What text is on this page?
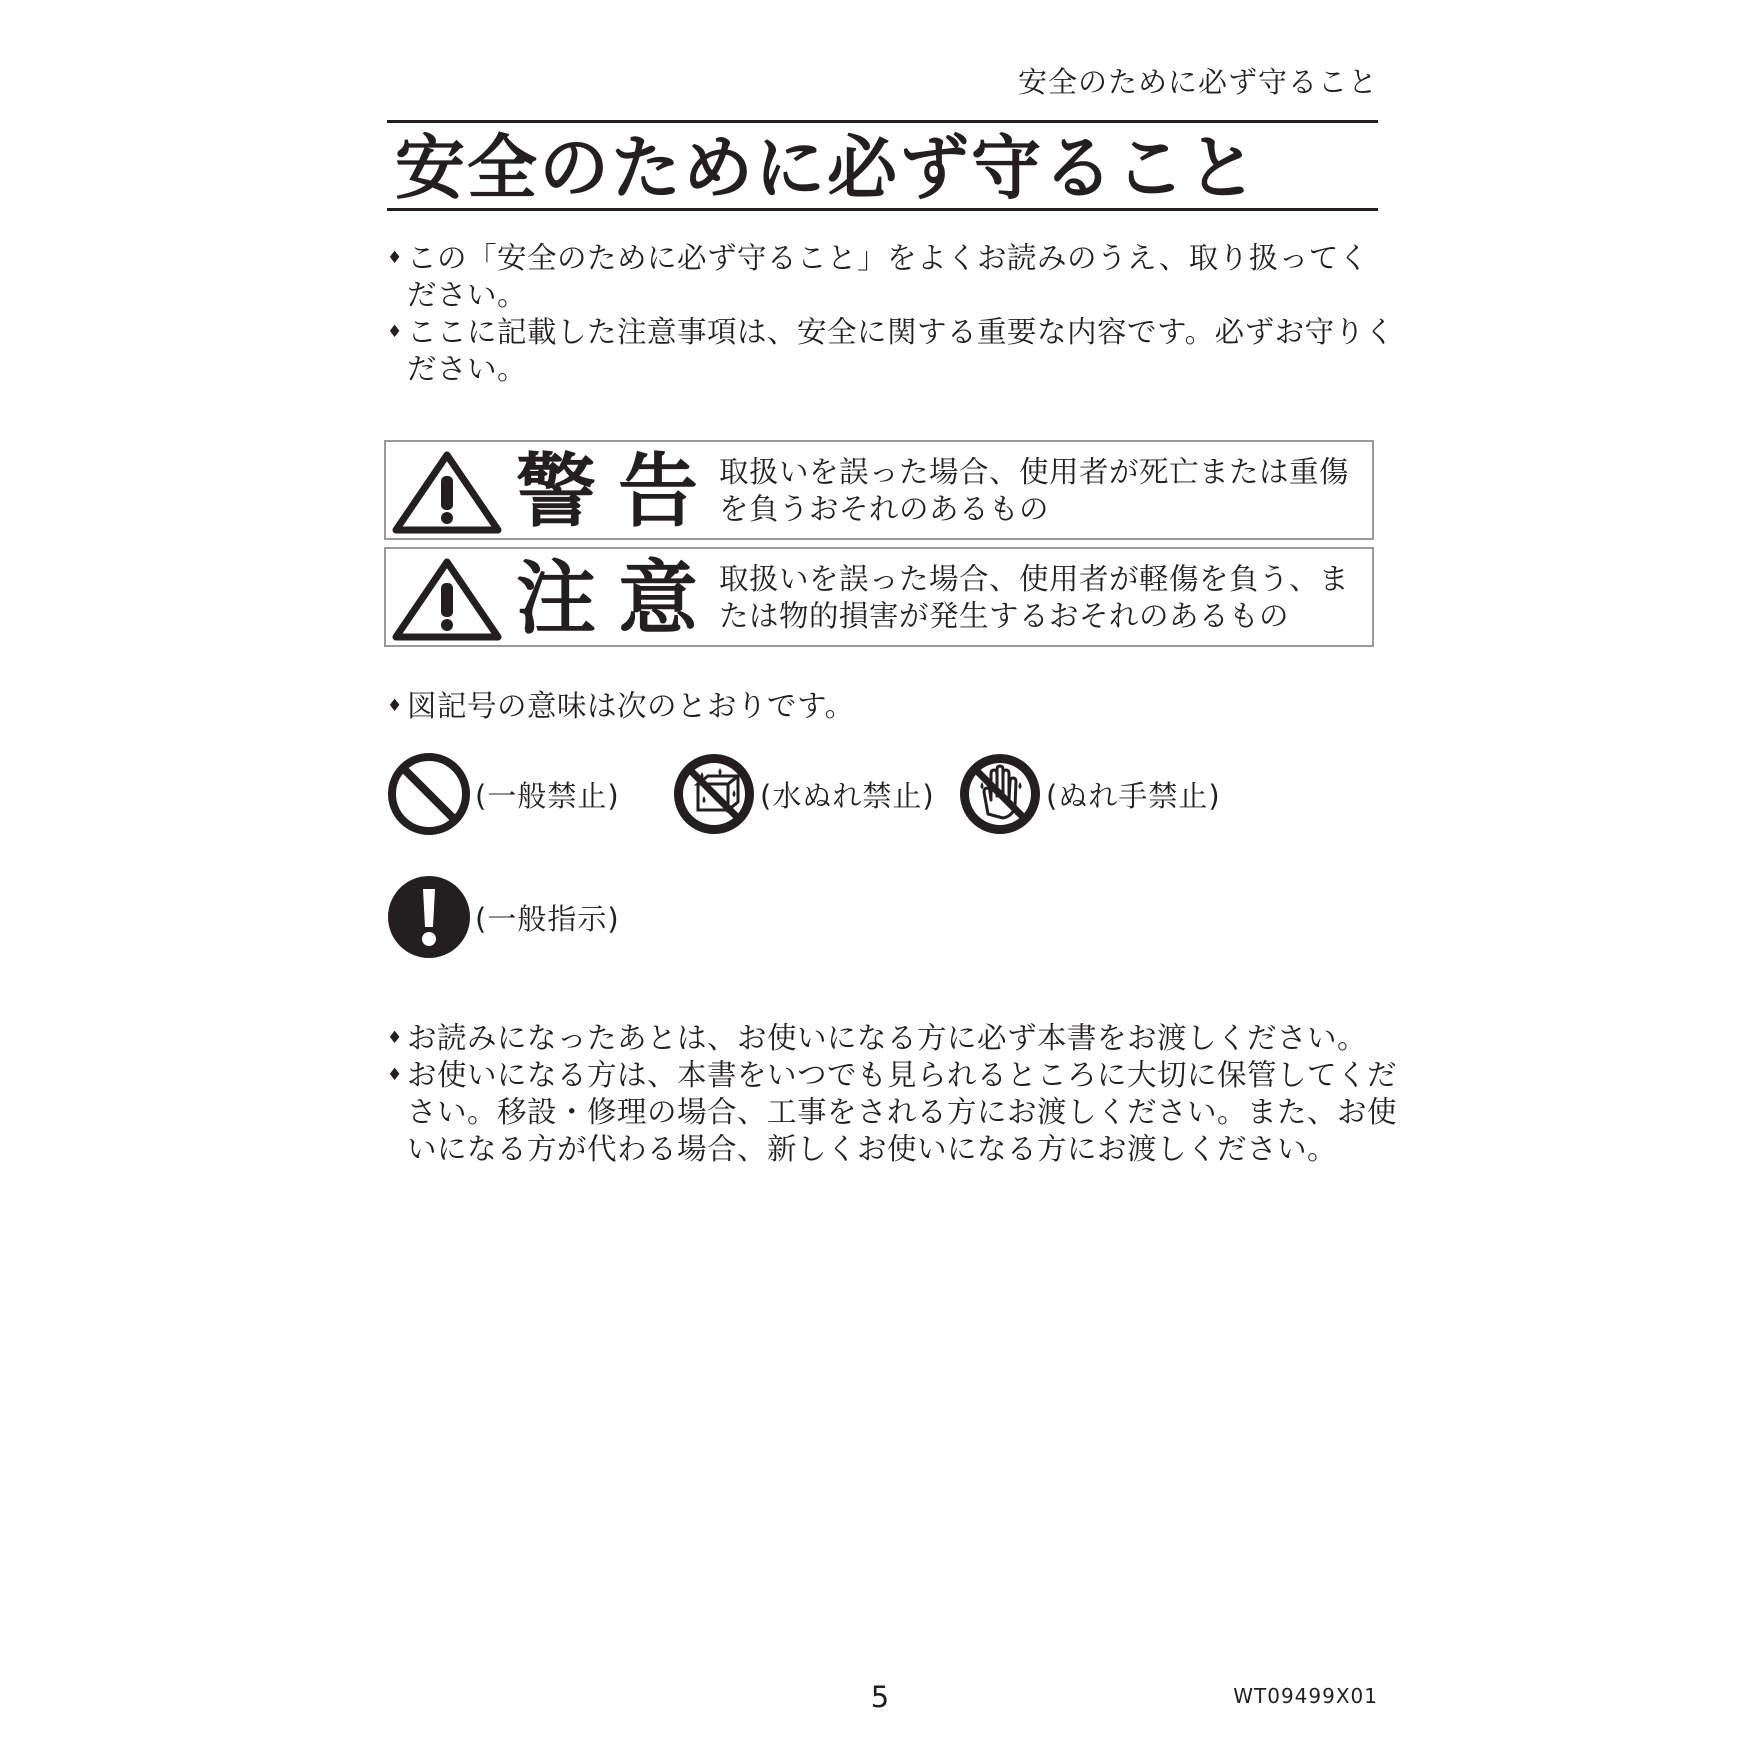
安全のために必ず守ること
安全のために必ず守ること
♦ この「安全のために必ず守ること」をよくお読みのうえ、取り扱ってください。
♦ ここに記載した注意事項は、安全に関する重要な内容です。必ずお守りください。
警告 取扱いを誤った場合、使用者が死亡または重傷を負うおそれのあるもの
注意 取扱いを誤った場合、使用者が軽傷を負う、または物的損害が発生するおそれのあるもの
♦ 図記号の意味は次のとおりです。
(一般禁止)	(水ぬれ禁止)	(ぬれ手禁止)
(一般指示)
♦ お読みになったあとは、お使いになる方に必ず本書をお渡しください。
♦ お使いになる方は、本書をいつでも見られるところに大切に保管してください。移設・修理の場合、工事をされる方にお渡しください。また、お使いになる方が代わる場合、新しくお使いになる方にお渡しください。
5	WT09499X01
